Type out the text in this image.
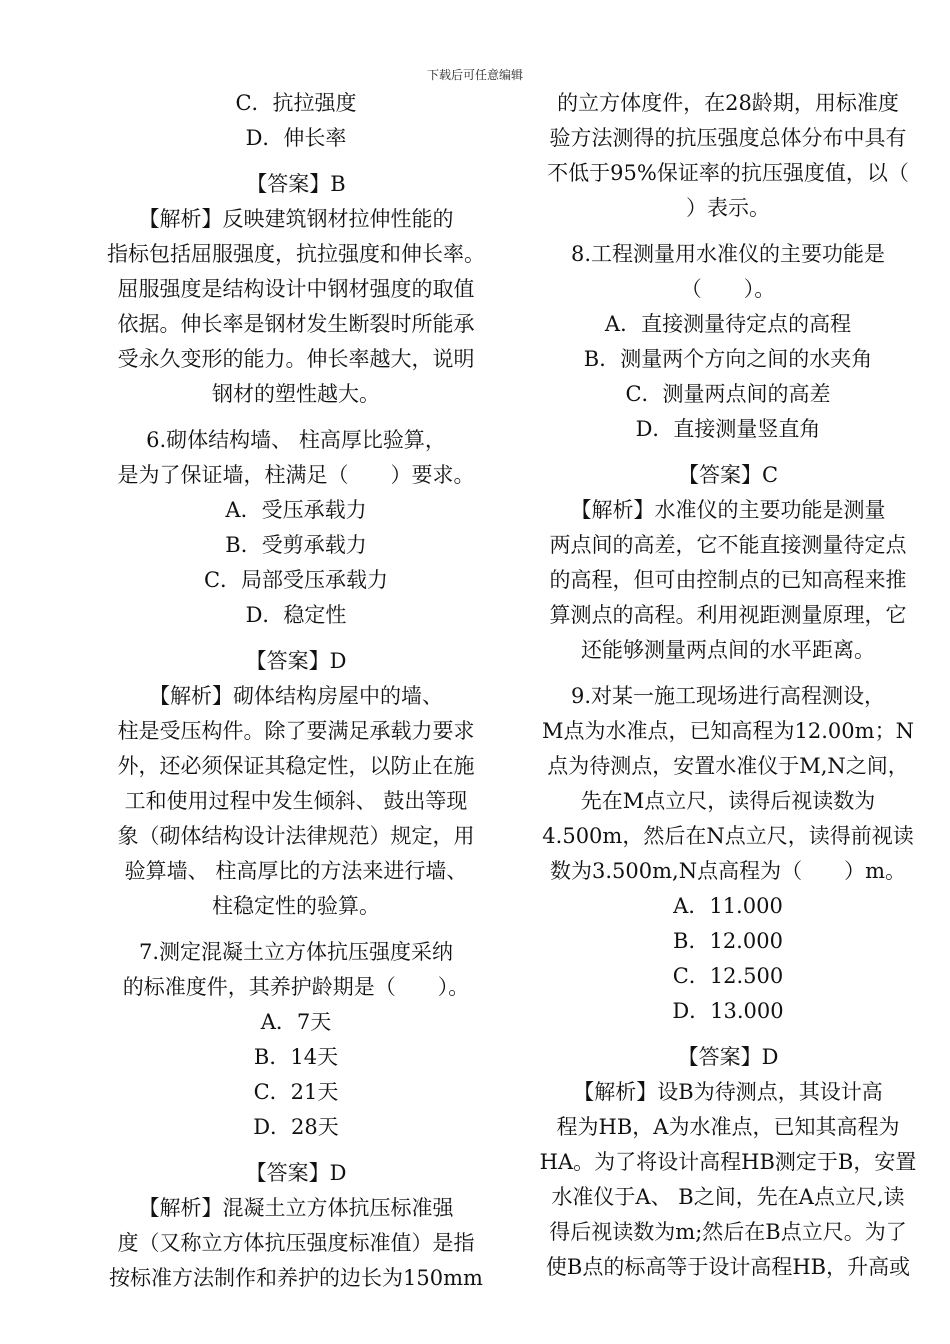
下载后可任意编辑
C．抗拉强度
D．伸长率
【答案】B
【解析】反映建筑钢材拉伸性能的
指标包括屈服强度，抗拉强度和伸长率。
屈服强度是结构设计中钢材强度的取值
依据。伸长率是钢材发生断裂时所能承
受永久变形的能力。伸长率越大，说明
钢材的塑性越大。
6.砌体结构墙、 柱高厚比验算，
是为了保证墙，柱满足（　　）要求。
A．受压承载力
B．受剪承载力
C．局部受压承载力
D．稳定性
【答案】D
【解析】砌体结构房屋中的墙、
柱是受压构件。除了要满足承载力要求
外，还必须保证其稳定性，以防止在施
工和使用过程中发生倾斜、 鼓出等现
象（砌体结构设计法律规范）规定，用
验算墙、 柱高厚比的方法来进行墙、
柱稳定性的验算。
7.测定混凝土立方体抗压强度采纳
的标准度件，其养护龄期是（　　）。
A．7天
B．14天
C．21天
D．28天
【答案】D
【解析】混凝土立方体抗压标准强
度（又称立方体抗压强度标准值）是指
按标准方法制作和养护的边长为150mm
的立方体度件，在28龄期，用标准度
验方法测得的抗压强度总体分布中具有
不低于95%保证率的抗压强度值，以（
）表示。
8.工程测量用水准仪的主要功能是
（　　）。
A．直接测量待定点的高程
B．测量两个方向之间的水夹角
C．测量两点间的高差
D．直接测量竖直角
【答案】C
【解析】水准仪的主要功能是测量
两点间的高差，它不能直接测量待定点
的高程，但可由控制点的已知高程来推
算测点的高程。利用视距测量原理，它
还能够测量两点间的水平距离。
9.对某一施工现场进行高程测设，
M点为水准点，已知高程为12.00m；N
点为待测点，安置水准仪于M,N之间，
先在M点立尺，读得后视读数为
4.500m，然后在N点立尺，读得前视读
数为3.500m,N点高程为（　　）m。
A．11.000
B．12.000
C．12.500
D．13.000
【答案】D
【解析】设B为待测点，其设计高
程为HB，A为水准点，已知其高程为
HA。为了将设计高程HB测定于B，安置
水准仪于A、 B之间，先在A点立尺,读
得后视读数为m;然后在B点立尺。为了
使B点的标高等于设计高程HB，升高或
